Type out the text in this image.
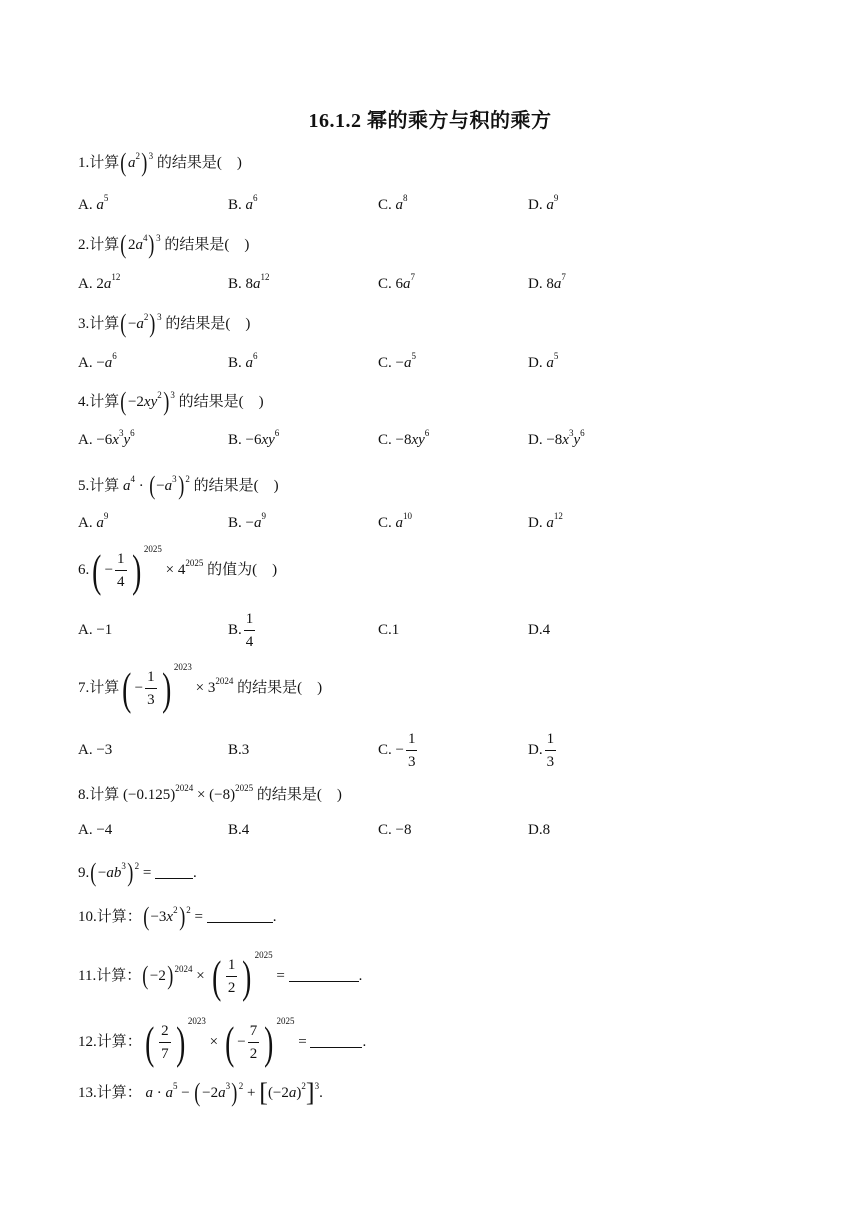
16.1.2 幂的乘方与积的乘方
1.计算$(a^2)^3$ 的结果是(　)
A. $a^5$	B. $a^6$	C. $a^8$	D. $a^9$
2.计算$(2a^4)^3$ 的结果是(　)
A. $2a^{12}$	B. $8a^{12}$	C. $6a^7$	D. $8a^7$
3.计算$(-a^2)^3$ 的结果是(　)
A. $-a^6$	B. $a^6$	C. $-a^5$	D. $a^5$
4.计算$(-2xy^2)^3$ 的结果是(　)
A. $-6x^3y^6$	B. $-6xy^6$	C. $-8xy^6$	D. $-8x^3y^6$
5.计算 $a^4 \cdot (-a^3)^2$ 的结果是(　)
A. $a^9$	B. $-a^9$	C. $a^{10}$	D. $a^{12}$
$6.( - \frac{1}{4}$ ) $^{2025} \times 4^{2025}$ 的值为(　)
A. −1	B. $\frac{1}{4}$	C.1	D.4
7.计算( − $\frac{1}{3}$ ) $^{2023} \times 3^{2024}$ 的结果是(　)
A. −3	B.3	C. − $\frac{1}{3}$	D. $\frac{1}{3}$
8.计算 $(-0.125)^{2024} \times (-8)^{2025}$ 的结果是(　)
A. −4	B.4	C. −8	D.8
$9.(-ab^3)^2$ =	.
10.计算：$(-3x^2)^2$ =	.
11.计算：$(-2)^{2024}$ × ( $\frac{1}{2}$ ) $^{2025}$ =	.
12.计算：( $\frac{2}{7}$ ) $^{2023}$ × ( − $\frac{7}{2}$ ) $^{2025}$ =	.
13.计算： $a \cdot a^5 - (-2a^3)^2 + [(-2a)^2]^3$.
